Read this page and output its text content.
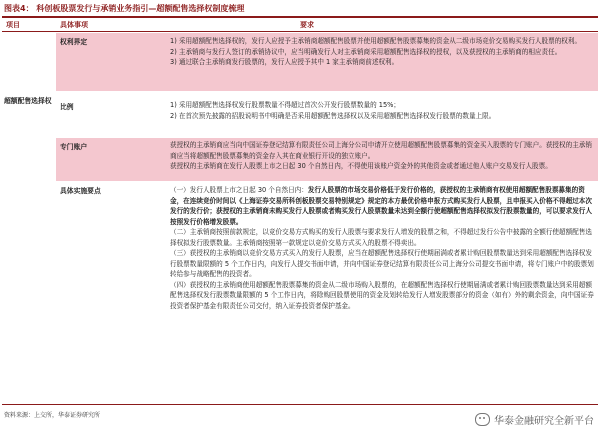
图表4： 科创板股票发行与承销业务指引—超额配售选择权制度梳理
项目	具体事项	要求
超额配售选择权
权利界定	1) 采用超额配售选择权的，发行人应授予主承销商超额配售股票并使用超额配售股票募集的资金从二级市场竞价交易购买发行人股票的权利。
2) 主承销商与发行人签订的承销协议中，应当明确发行人对主承销商采用超额配售选择权的授权，以及获授权的主承销商的相应责任。
3) 通过联合主承销商发行股票的，发行人应授予其中 1 家主承销商前述权利。
比例	1) 采用超额配售选择权发行股票数量不得超过首次公开发行股票数量的 15%；
2) 在首次预先披露的招股说明书中明确是否采用超额配售选择权以及采用超额配售选择权发行股票的数量上限。
专门账户	获授权的主承销商应当向中国证券登记结算有限责任公司上海分公司申请开立使用超额配售股票募集的资金买入股票的专门账户。获授权的主承销商应当将超额配售股票募集的资金存入其在商业银行开设的独立账户。
获授权的主承销商在发行人股票上市之日起 30 个自然日内，不得使用该账户资金外的其他资金或者通过他人账户交易发行人股票。
具体实施要点	（一）发行人股票上市之日起 30 个自然日内：发行人股票的市场交易价格低于发行价格的，获授权的主承销商有权使用超额配售股票募集的资金，在连续竞价时间以《上海证券交易所科创板股票交易特别规定》规定的本方最优价格申报方式购买发行人股票，且申报买入价格不得超过本次发行的发行价；获授权的主承销商未购买发行人股票或者购买发行人股票数量未达到全额行使超额配售选择权拟发行股票数量的，可以要求发行人按照发行价格增发股票。
（二）主承销商按照前款规定，以竞价交易方式购买的发行人股票与要求发行人增发的股票之和，不得超过发行公告中披露的全额行使超额配售选择权拟发行股票数量。主承销商按照第一款规定以竞价交易方式买入的股票不得卖出。
（三）获授权的主承销商以竞价交易方式买入的发行人股票，应当在超额配售选择权行使期届满或者累计购回股票数量达到采用超额配售选择权发行股票数量限额的 5 个工作日内，向发行人提交书面申请，并向中国证券登记结算有限责任公司上海分公司提交书面申请，将专门账户中的股票划转给参与战略配售的投资者。
（四）获授权的主承销商使用超额配售股票募集的资金从二级市场购入股票的，在超额配售选择权行使期届满或者累计购回股票数量达到采用超额配售选择权发行股票数量限额的 5 个工作日内，将除购回股票使用的资金及划转给发行人增发股票部分的资金（如有）外的剩余资金，向中国证券投资者保护基金有限责任公司交付，纳入证券投资者保护基金。
资料来源：上交所，华泰证券研究所
华泰金融研究全新平台
